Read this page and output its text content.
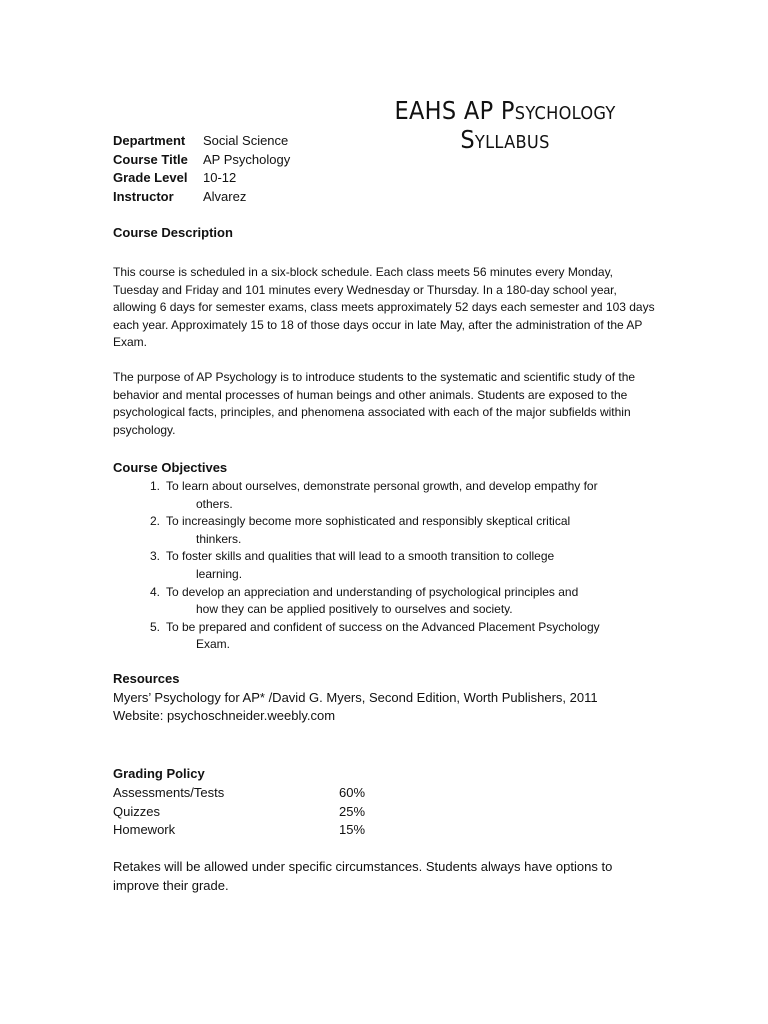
EAHS AP Psychology Syllabus
Department	Social Science
Course Title	AP Psychology
Grade Level	10-12
Instructor	Alvarez
Course Description
This course is scheduled in a six-block schedule. Each class meets 56 minutes every Monday, Tuesday and Friday and 101 minutes every Wednesday or Thursday. In a 180-day school year, allowing 6 days for semester exams, class meets approximately 52 days each semester and 103 days each year. Approximately 15 to 18 of those days occur in late May, after the administration of the AP Exam.
The purpose of AP Psychology is to introduce students to the systematic and scientific study of the behavior and mental processes of human beings and other animals. Students are exposed to the psychological facts, principles, and phenomena associated with each of the major subfields within psychology.
Course Objectives
1. To learn about ourselves, demonstrate personal growth, and develop empathy for
others.
2. To increasingly become more sophisticated and responsibly skeptical critical
thinkers.
3. To foster skills and qualities that will lead to a smooth transition to college
learning.
4. To develop an appreciation and understanding of psychological principles and
how they can be applied positively to ourselves and society.
5. To be prepared and confident of success on the Advanced Placement Psychology
Exam.
Resources
Myers’ Psychology for AP* /David G. Myers, Second Edition, Worth Publishers, 2011
Website: psychoschneider.weebly.com
Grading Policy
Assessments/Tests	60%
Quizzes	25%
Homework	15%
Retakes will be allowed under specific circumstances. Students always have options to improve their grade.
